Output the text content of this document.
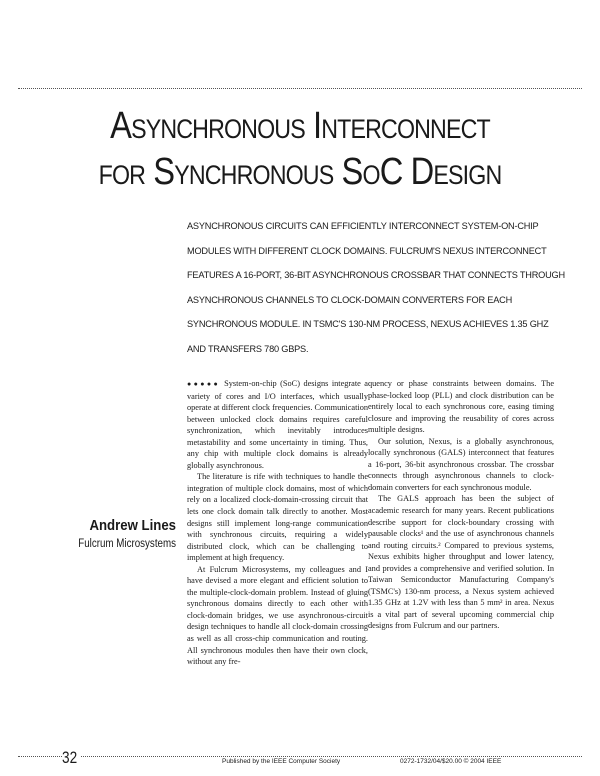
Asynchronous Interconnect
for Synchronous SoC Design

ASYNCHRONOUS CIRCUITS CAN EFFICIENTLY INTERCONNECT SYSTEM-ON-CHIP MODULES WITH DIFFERENT CLOCK DOMAINS. FULCRUM'S NEXUS INTERCONNECT FEATURES A 16-PORT, 36-BIT ASYNCHRONOUS CROSSBAR THAT CONNECTS THROUGH ASYNCHRONOUS CHANNELS TO CLOCK-DOMAIN CONVERTERS FOR EACH SYNCHRONOUS MODULE. IN TSMC'S 130-NM PROCESS, NEXUS ACHIEVES 1.35 GHZ AND TRANSFERS 780 GBPS.

Andrew Lines
Fulcrum Microsystems

●●●●● System-on-chip (SoC) designs integrate a variety of cores and I/O interfaces, which usually operate at different clock frequencies. Communication between unlocked clock domains requires careful synchronization, which inevitably introduces metastability and some uncertainty in timing. Thus, any chip with multiple clock domains is already globally asynchronous.

The literature is rife with techniques to handle the integration of multiple clock domains, most of which rely on a localized clock-domain-crossing circuit that lets one clock domain talk directly to another. Most designs still implement long-range communication with synchronous circuits, requiring a widely distributed clock, which can be challenging to implement at high frequency.

At Fulcrum Microsystems, my colleagues and I have devised a more elegant and efficient solution to the multiple-clock-domain problem. Instead of gluing synchronous domains directly to each other with clock-domain bridges, we use asynchronous-circuit design techniques to handle all clock-domain crossing as well as all cross-chip communication and routing. All synchronous modules then have their own clock, without any fre-

quency or phase constraints between domains. The phase-locked loop (PLL) and clock distribution can be entirely local to each synchronous core, easing timing closure and improving the reusability of cores across multiple designs.

Our solution, Nexus, is a globally asynchronous, locally synchronous (GALS) interconnect that features a 16-port, 36-bit asynchronous crossbar. The crossbar connects through asynchronous channels to clock-domain converters for each synchronous module.

The GALS approach has been the subject of academic research for many years. Recent publications describe support for clock-boundary crossing with pausable clocks¹ and the use of asynchronous channels and routing circuits.² Compared to previous systems, Nexus exhibits higher throughput and lower latency, and provides a comprehensive and verified solution. In Taiwan Semiconductor Manufacturing Company's (TSMC's) 130-nm process, a Nexus system achieved 1.35 GHz at 1.2V with less than 5 mm² in area. Nexus is a vital part of several upcoming commercial chip designs from Fulcrum and our partners.

32	Published by the IEEE Computer Society	0272-1732/04/$20.00 © 2004 IEEE
